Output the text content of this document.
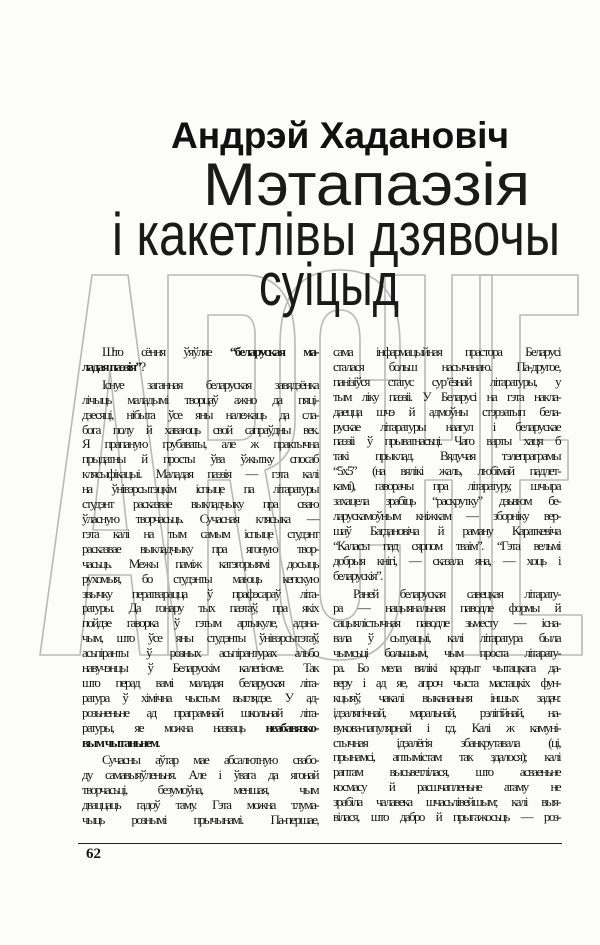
Андрэй Хадановіч
Мэтапаэзія
і какетлівы дзявочы
суіцыд
Што сёння ўяўляе “беларуская ма-
ладая паэзія”?
Існуе заганная беларуская завядзёнка
лічыць маладымі творцаў ажно да пяці-
дзесяці, нібыта ўсе яны належаць да сла-
бога полу й хаваюць свой сапраўдны век.
Я прапаную грубаваты, але ж практычна
прыдатны й просты ўва ўжытку спосаб
клясыфікацыі. Маладая паэзія — гэта калі
на ўнівэрсытэцкім іспыце па літаратуры
студэнт расказвае выкладчыку пра сваю
ўласную творчасьць. Сучасная клясыка —
гэта калі на тым самым іспыце студэнт
расказвае выкладчыку пра ягоную твор-
часьць. Межы паміж катэгорыямі досыць
рухомыя, бо студэнты маюць кепскую
звычку ператварацца ў прафэсараў літа-
ратуры. Да гонару тых паэтаў, пра якіх
пойдзе гаворка ў гэтым артыкуле, адзна-
чым, што ўсе яны студэнты ўнівэрсытэтаў,
асьпіранты ў розных асьпірантурах альбо
навучэнцы ў Беларускім калегіюме. Так
што перад вамі маладая беларуская літа-
ратура ў хімічна чыстым выглядзе. У ад-
розьненьне ад праграмнай школьнай літа-
ратуры, яе можна назваць неабавязко-
вым чытаньнем.
Сучасны аўтар мае абсалютную свабо-
ду самавыяўленьня. Але і ўвага да ягонай
творчасьці, безумоўна, меншая, чым
дваццаць гадоў таму. Гэта можна тлума-
чыць рознымі прычынамі. Па-першае,
сама інфармацыйная прастора Беларусі
сталася больш насычанаю. Па-другое,
панізіўся статус сур’ёзнай літаратуры, у
тым ліку паэзіі. У Беларусі на гэта накла-
даецца шчэ й адмоўны стэрэатып бела-
рускае літаратуры наагул і беларускае
паэзіі ў прыватнасьці. Чаго варты хаця б
такі прыклад. Вядучая тэлепраграмы
“5х5” (на вялікі жаль, любімай падлет-
камі), гаворачы пра літаратуру, шчыра
захацела зрабіць “раскрутку” дзьвюм бе-
ларускамоўным кніжкам — зборніку вер-
шаў Багдановіча й раману Караткевіча
“Каласы пад сярпом тваім”. “Гэта вельмі
добрыя кнігі, — сказала яна, — хоць і
беларускія”.
Раней беларуская савецкая літарату-
ра — нацыянальная паводле формы й
сацыялістычная паводле зьместу — існа-
вала ў сытуацыі, калі літаратура была
чымсьці большым, чым проста літарату-
ра. Бо мела вялікі крэдыт чытацкага да-
веру і ад яе, апроч чыста мастацкіх фун-
кцыяў, чакалі выкананьня іншых задач:
ідэалягічнай, маральнай, рэлігійнай, на-
вукова-папулярнай і г.д. Калі ж камуні-
стычная ідэалёгія збанкрутавала (ці,
прынамсі, аптымістам так здалося); калі
раптам высьветлілася, што асваеньне
космасу й расшчапленьне атаму не
зрабіла чалавека шчасьлівейшым; калі выя-
вілася, што дабро й прыгажосьць — роз-
62
